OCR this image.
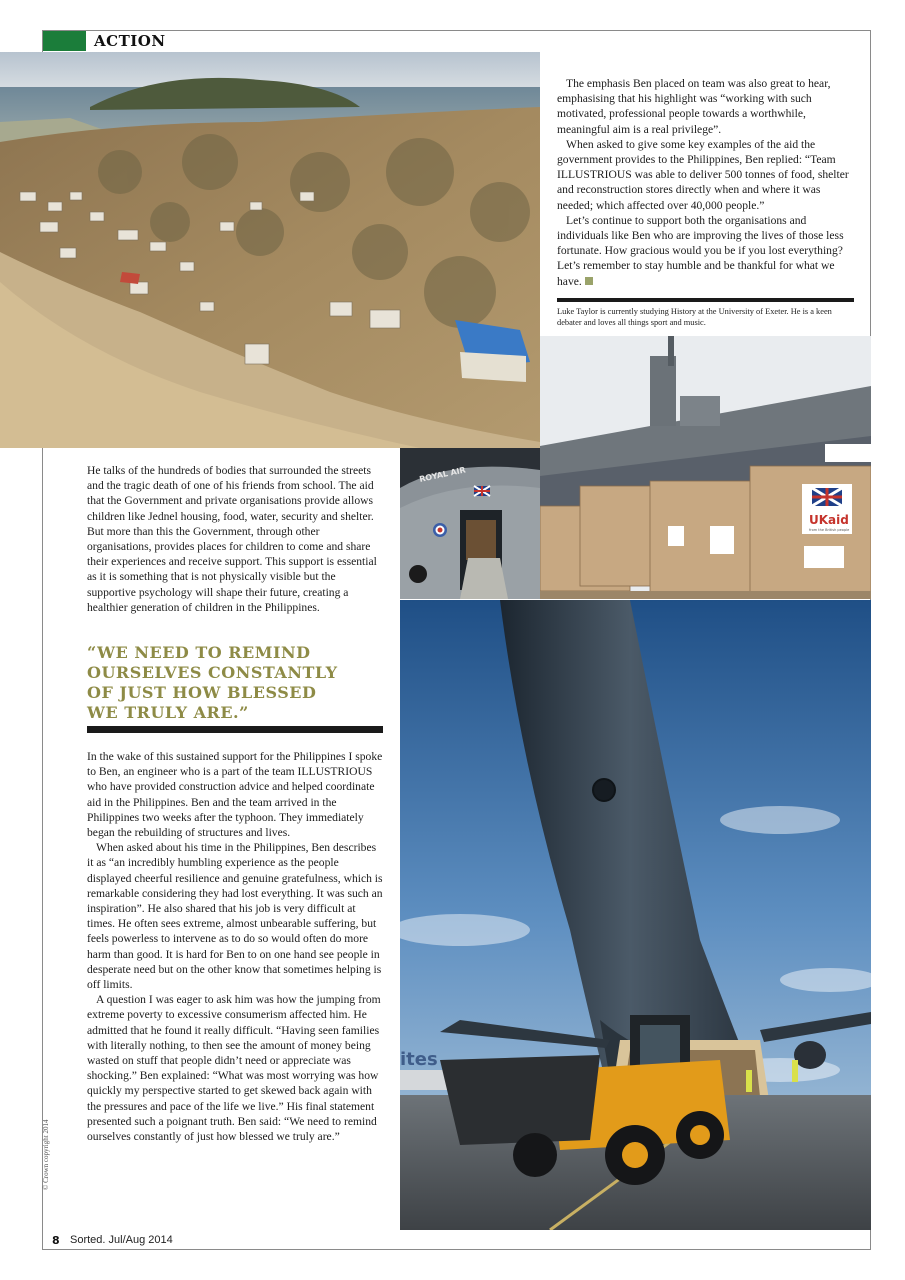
ACTION
ROYAL AIR
UKaid
from the British people
ites

He talks of the hundreds of bodies that surrounded the streets and the tragic death of one of his friends from school. The aid that the Government and private organisations provide allows children like Jednel housing, food, water, security and shelter. But more than this the Government, through other organisations, provides places for children to come and share their experiences and receive support. This support is essential as it is something that is not physically visible but the supportive psychology will shape their future, creating a healthier generation of children in the Philippines.

“WE NEED TO REMIND
OURSELVES CONSTANTLY
OF JUST HOW BLESSED
WE TRULY ARE.”

In the wake of this sustained support for the Philippines I spoke to Ben, an engineer who is a part of the team ILLUSTRIOUS who have provided construction advice and helped coordinate aid in the Philippines. Ben and the team arrived in the Philippines two weeks after the typhoon. They immediately began the rebuilding of structures and lives.

When asked about his time in the Philippines, Ben describes it as “an incredibly humbling experience as the people displayed cheerful resilience and genuine gratefulness, which is remarkable considering they had lost everything. It was such an inspiration”. He also shared that his job is very difficult at times. He often sees extreme, almost unbearable suffering, but feels powerless to intervene as to do so would often do more harm than good. It is hard for Ben to on one hand see people in desperate need but on the other know that sometimes helping is off limits.

A question I was eager to ask him was how the jumping from extreme poverty to excessive consumerism affected him. He admitted that he found it really difficult. “Having seen families with literally nothing, to then see the amount of money being wasted on stuff that people didn’t need or appreciate was shocking.” Ben explained: “What was most worrying was how quickly my perspective started to get skewed back again with the pressures and pace of the life we live.” His final statement presented such a poignant truth. Ben said: “We need to remind ourselves constantly of just how blessed we truly are.”

The emphasis Ben placed on team was also great to hear, emphasising that his highlight was “working with such motivated, professional people towards a worthwhile, meaningful aim is a real privilege”.

When asked to give some key examples of the aid the government provides to the Philippines, Ben replied: “Team ILLUSTRIOUS was able to deliver 500 tonnes of food, shelter and reconstruction stores directly when and where it was needed; which affected over 40,000 people.”

Let’s continue to support both the organisations and individuals like Ben who are improving the lives of those less fortunate. How gracious would you be if you lost everything? Let’s remember to stay humble and be thankful for what we have.

Luke Taylor is currently studying History at the University of Exeter. He is a keen debater and loves all things sport and music.
© Crown copyright 2014
8 Sorted. Jul/Aug 2014
